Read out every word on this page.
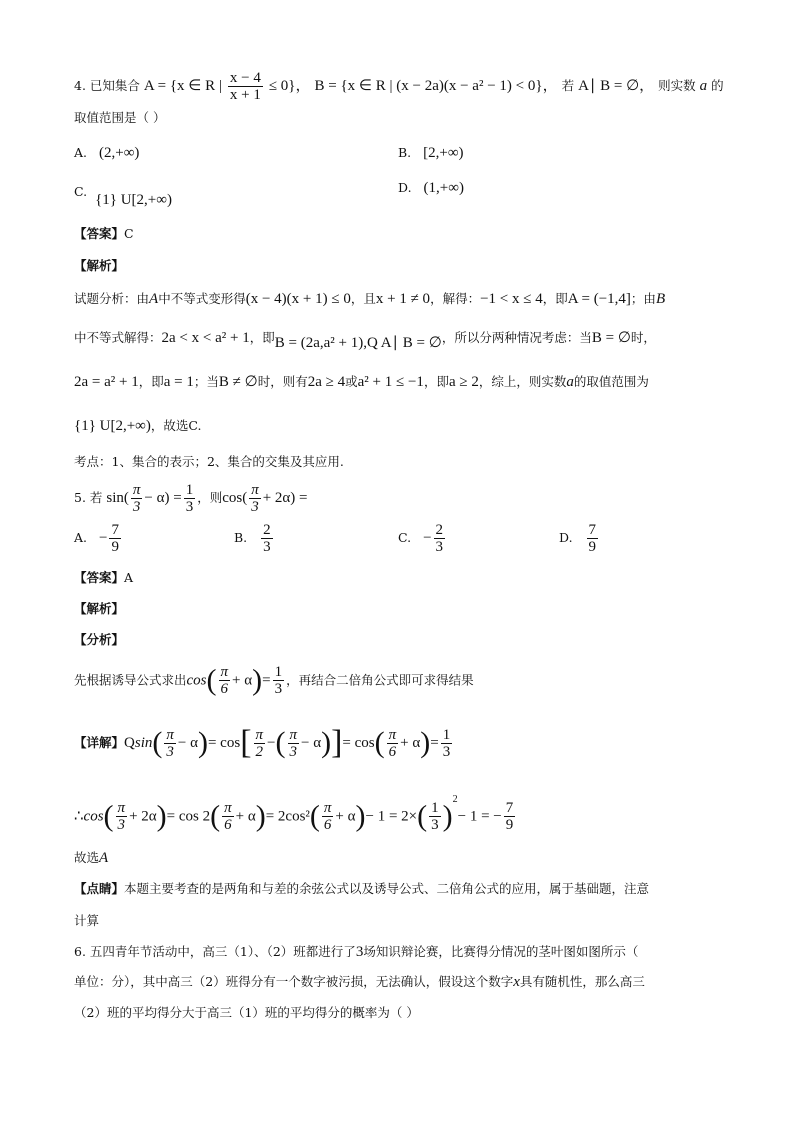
4. 已知集合 A = {x ∈ R | $\frac{x - 4}{x + 1} \le 0$}， B = {x ∈ R | (x − 2a)(x − a² − 1) < 0}， 若 A∣ B = ∅， 则实数 a 的
取值范围是（ ）
A. (2,+∞)	B. [2,+∞)
C. {1} U[2,+∞)
D. (1,+∞)
【答案】C
【解析】
试题分析：由A中不等式变形得(x − 4)(x + 1) ≤ 0，且x + 1 ≠ 0，解得：−1 < x ≤ 4，即A = (−1,4]；由B
中不等式解得：2a < x < a² + 1，即B = (2a,a² + 1),Q A∣ B = ∅，所以分两种情况考虑：当B = ∅时，
2a = a² + 1，即a = 1；当B ≠ ∅时，则有2a ≥ 4或a² + 1 ≤ −1，即a ≥ 2，综上，则实数a的取值范围为
{1} U[2,+∞)，故选C.
考点：1、集合的表示；2、集合的交集及其应用.
5. 若 $\sin( \frac{\pi}{3} - \alpha) = \frac{1}{3}$ ，则$\cos( \frac{\pi}{3} + 2\alpha)$ =
A. − $\frac{7}{9}$	B. $\frac{2}{3}$	C. − $\frac{2}{3}$	D. $\frac{7}{9}$
【答案】A
【解析】
【分析】
先根据诱导公式求出$\cos( \frac{\pi}{6} + \alpha)= \frac{1}{3}$ ，再结合二倍角公式即可求得结果
【详解】$Qsin( \frac{\pi}{3} - \alpha)= \cos[ \frac{\pi}{2}$ −( $\frac{\pi}{3} - \alpha)]= \cos( \frac{\pi}{6} + \alpha)= \frac{1}{3}$
∴cos( $\frac{\pi}{3} + 2\alpha)= \cos 2( \frac{\pi}{6} + \alpha)= 2\cos^2( \frac{\pi}{6} + \alpha)- 1 = 2\times( \frac{1}{3} )^2- 1$ = − $\frac{7}{9}$
故选A
【点睛】本题主要考查的是两角和与差的余弦公式以及诱导公式、二倍角公式的应用，属于基础题，注意
计算
6. 五四青年节活动中，高三（1）、（2）班都进行了3场知识辩论赛，比赛得分情况的茎叶图如图所示（
单位：分），其中高三（2）班得分有一个数字被污损，无法确认，假设这个数字x具有随机性，那么高三
（2）班的平均得分大于高三（1）班的平均得分的概率为（ ）
